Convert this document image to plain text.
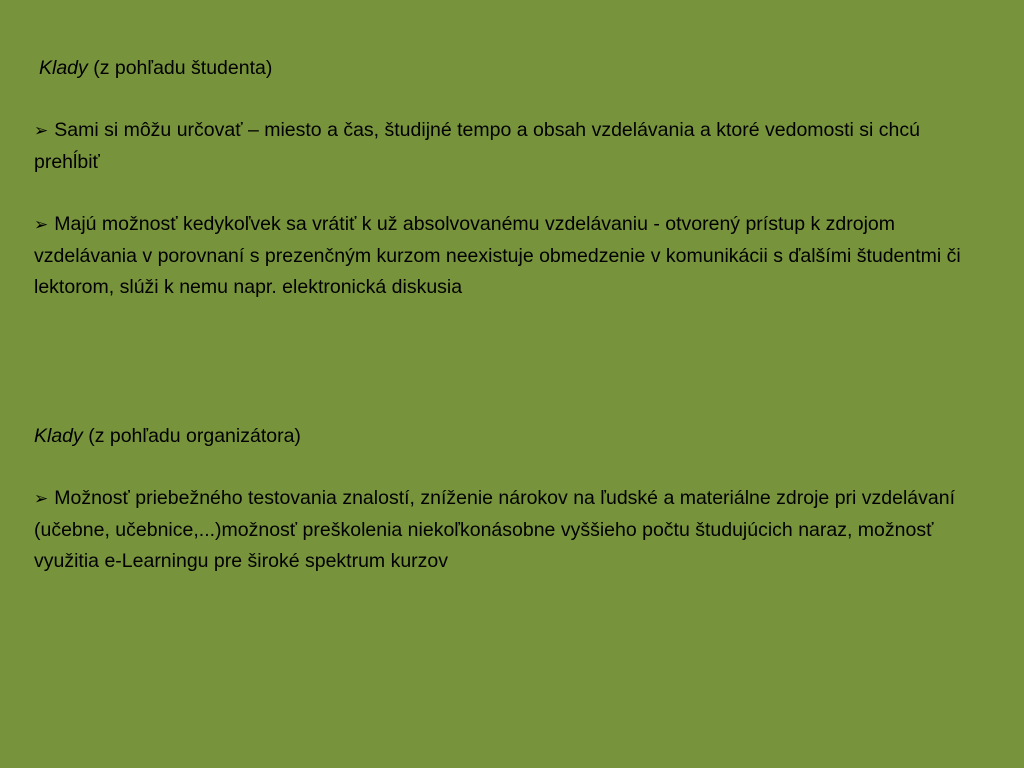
Klady (z pohľadu študenta)

➢ Sami si môžu určovať – miesto a čas, študijné tempo a obsah vzdelávania a ktoré vedomosti si chcú prehĺbiť

➢ Majú možnosť kedykoľvek sa vrátiť k už absolvovanému vzdelávaniu - otvorený prístup k zdrojom vzdelávania v porovnaní s prezenčným kurzom neexistuje obmedzenie v komunikácii s ďalšími študentmi či lektorom, slúži k nemu napr. elektronická diskusia

Klady (z pohľadu organizátora)

➢ Možnosť priebežného testovania znalostí, zníženie nárokov na ľudské a materiálne zdroje pri vzdelávaní (učebne, učebnice,...)možnosť preškolenia niekoľkonásobne vyššieho počtu študujúcich naraz, možnosť využitia e-Learningu pre široké spektrum kurzov
